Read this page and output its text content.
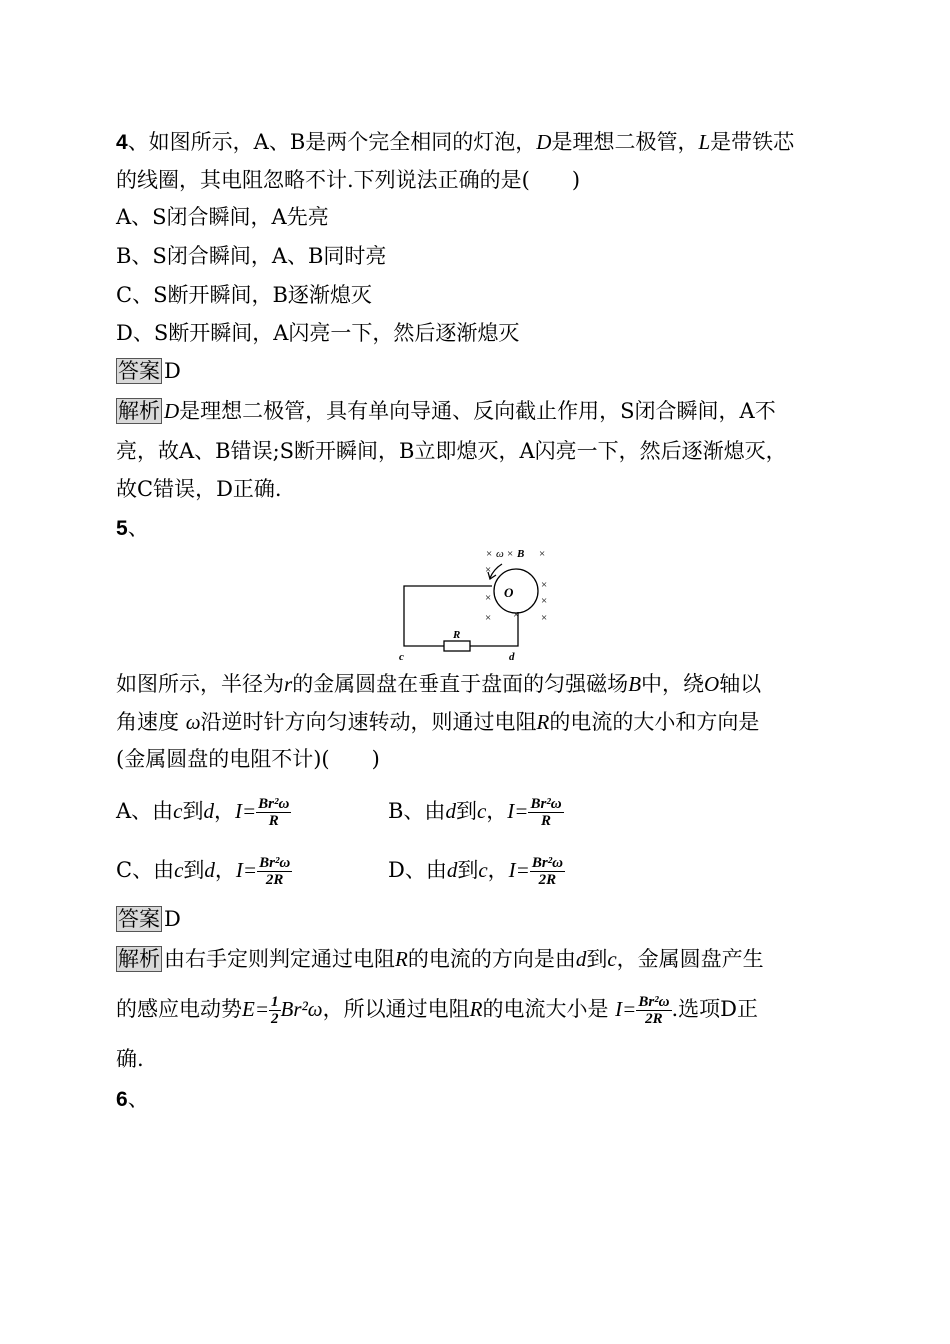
4、如图所示，A、B是两个完全相同的灯泡，D是理想二极管，L是带铁芯
的线圈，其电阻忽略不计.下列说法正确的是(　　)
A、S闭合瞬间，A先亮
B、S闭合瞬间，A、B同时亮
C、S断开瞬间，B逐渐熄灭
D、S断开瞬间，A闪亮一下，然后逐渐熄灭
答案 D
解析 D是理想二极管，具有单向导通、反向截止作用，S闭合瞬间，A不
亮，故A、B错误;S断开瞬间，B立即熄灭，A闪亮一下，然后逐渐熄灭，
故C错误，D正确.
5、
× ω × B ×
×
×
×	×
×	×
×
O
R
c	d
如图所示，半径为r的金属圆盘在垂直于盘面的匀强磁场B中，绕O轴以
角速度 ω沿逆时针方向匀速转动，则通过电阻R的电流的大小和方向是
(金属圆盘的电阻不计)(　　)
A、由c到d，$I= \frac{\text{Br²ω}}{R}$	B、由d到c，$I= \frac{\text{Br²ω}}{R}$
C、由c到d，$I= \frac{\text{Br²ω}}{2R}$	D、由d到c，$I= \frac{\text{Br²ω}}{2R}$
答案 D
解析 由右手定则判定通过电阻R的电流的方向是由d到c，金属圆盘产生
的感应电动势$E= \frac{1}{2} Br^2\omega$，所以通过电阻R的电流大小是 $I= \frac{\text{Br²ω}}{2R}$ .选项D正
确.
6、
